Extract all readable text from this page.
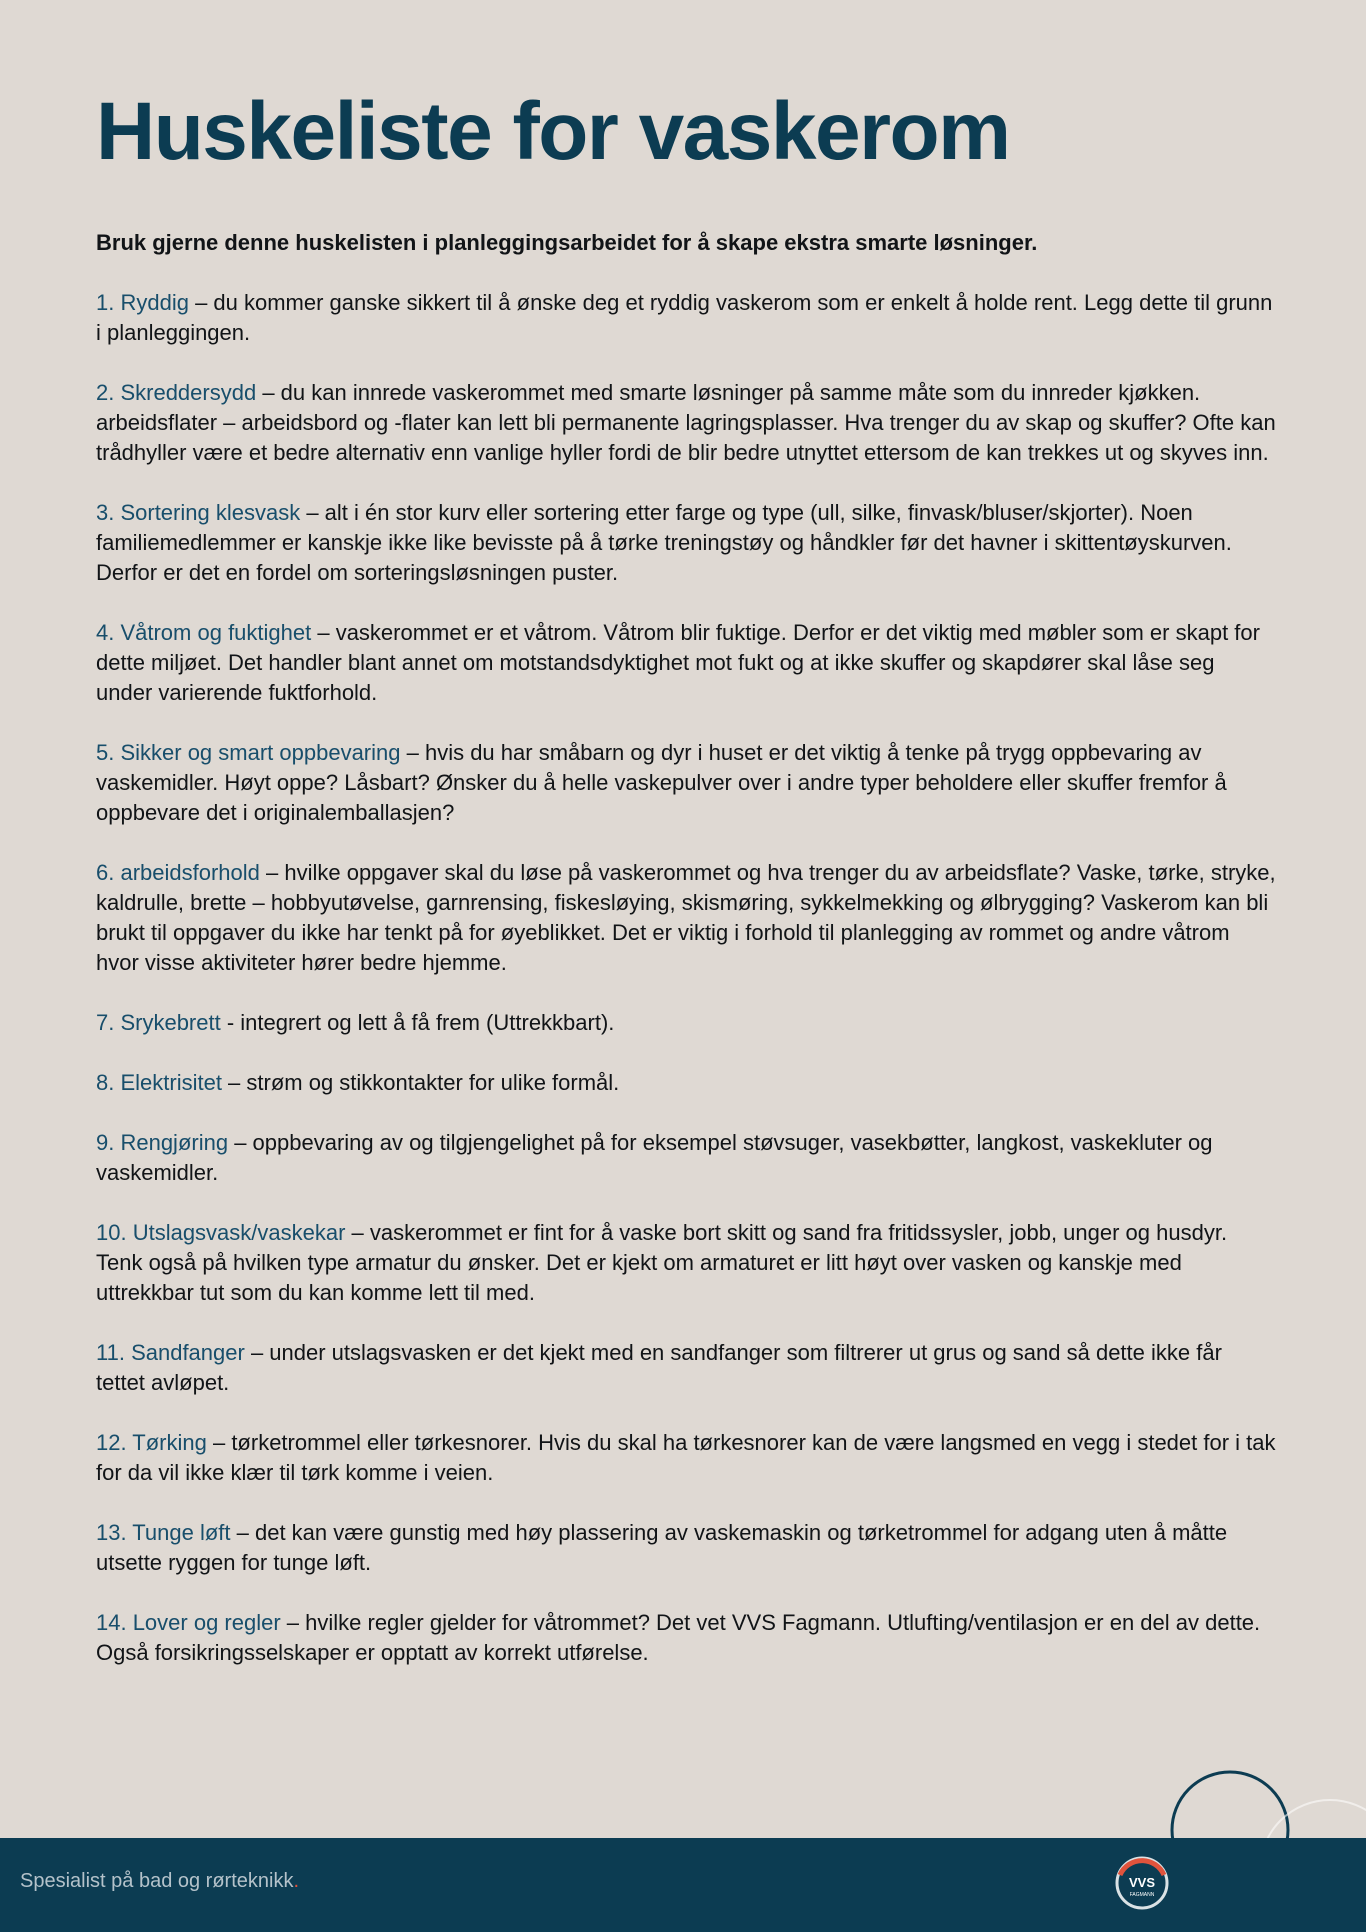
Huskeliste for vaskerom

Bruk gjerne denne huskelisten i planleggingsarbeidet for å skape ekstra smarte løsninger.

1. Ryddig – du kommer ganske sikkert til å ønske deg et ryddig vaskerom som er enkelt å holde rent. Legg dette til grunn i planleggingen.
2. Skreddersydd – du kan innrede vaskerommet med smarte løsninger på samme måte som du innreder kjøkken.
arbeidsflater – arbeidsbord og -flater kan lett bli permanente lagringsplasser. Hva trenger du av skap og skuffer? Ofte kan trådhyller være et bedre alternativ enn vanlige hyller fordi de blir bedre utnyttet ettersom de kan trekkes ut og skyves inn.
3. Sortering klesvask – alt i én stor kurv eller sortering etter farge og type (ull, silke, finvask/bluser/skjorter). Noen familiemedlemmer er kanskje ikke like bevisste på å tørke treningstøy og håndkler før det havner i skittentøyskurven. Derfor er det en fordel om sorteringsløsningen puster.
4. Våtrom og fuktighet – vaskerommet er et våtrom. Våtrom blir fuktige. Derfor er det viktig med møbler som er skapt for dette miljøet. Det handler blant annet om motstandsdyktighet mot fukt og at ikke skuffer og skapdører skal låse seg under varierende fuktforhold.
5. Sikker og smart oppbevaring – hvis du har småbarn og dyr i huset er det viktig å tenke på trygg oppbevaring av vaskemidler. Høyt oppe? Låsbart? Ønsker du å helle vaskepulver over i andre typer beholdere eller skuffer fremfor å oppbevare det i originalemballasjen?
6. arbeidsforhold – hvilke oppgaver skal du løse på vaskerommet og hva trenger du av arbeidsflate? Vaske, tørke, stryke, kaldrulle, brette – hobbyutøvelse, garnrensing, fiskesløying, skismøring, sykkelmekking og ølbrygging? Vaskerom kan bli brukt til oppgaver du ikke har tenkt på for øyeblikket. Det er viktig i forhold til planlegging av rommet og andre våtrom hvor visse aktiviteter hører bedre hjemme.
7. Srykebrett - integrert og lett å få frem (Uttrekkbart).
8. Elektrisitet – strøm og stikkontakter for ulike formål.
9. Rengjøring – oppbevaring av og tilgjengelighet på for eksempel støvsuger, vasekbøtter, langkost, vaskekluter og vaskemidler.
10. Utslagsvask/vaskekar – vaskerommet er fint for å vaske bort skitt og sand fra fritidssysler, jobb, unger og husdyr. Tenk også på hvilken type armatur du ønsker. Det er kjekt om armaturet er litt høyt over vasken og kanskje med uttrekkbar tut som du kan komme lett til med.
11. Sandfanger – under utslagsvasken er det kjekt med en sandfanger som filtrerer ut grus og sand så dette ikke får tettet avløpet.
12. Tørking – tørketrommel eller tørkesnorer. Hvis du skal ha tørkesnorer kan de være langsmed en vegg i stedet for i tak for da vil ikke klær til tørk komme i veien.
13. Tunge løft – det kan være gunstig med høy plassering av vaskemaskin og tørketrommel for adgang uten å måtte utsette ryggen for tunge løft.
14. Lover og regler – hvilke regler gjelder for våtrommet? Det vet VVS Fagmann. Utlufting/ventilasjon er en del av dette. Også forsikringsselskaper er opptatt av korrekt utførelse.
Spesialist på bad og rørteknikk.	VVS
FAGMANN
